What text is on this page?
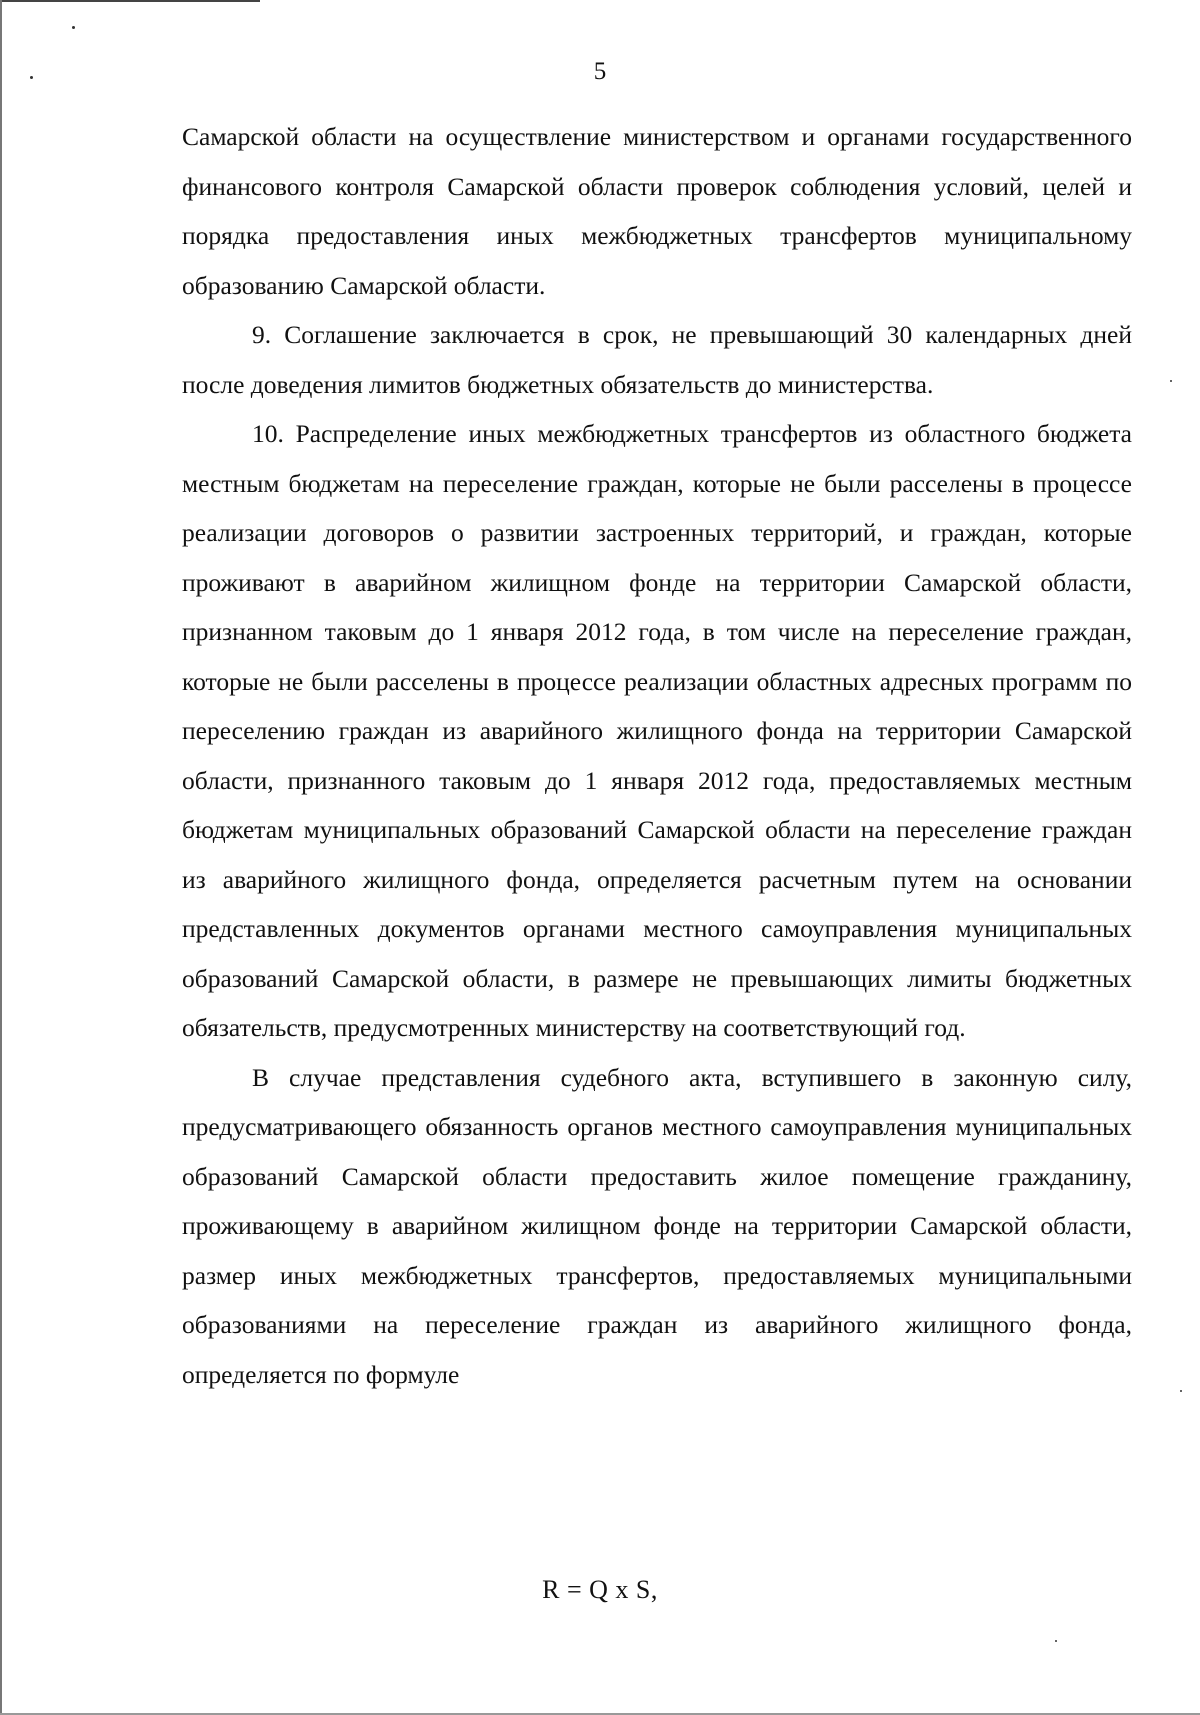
5

Самарской области на осуществление министерством и органами государственного финансового контроля Самарской области проверок соблюдения условий, целей и порядка предоставления иных межбюджетных трансфертов муниципальному образованию Самарской области.

9. Соглашение заключается в срок, не превышающий 30 календарных дней после доведения лимитов бюджетных обязательств до министерства.

10. Распределение иных межбюджетных трансфертов из областного бюджета местным бюджетам на переселение граждан, которые не были расселены в процессе реализации договоров о развитии застроенных территорий, и граждан, которые проживают в аварийном жилищном фонде на территории Самарской области, признанном таковым до 1 января 2012 года, в том числе на переселение граждан, которые не были расселены в процессе реализации областных адресных программ по переселению граждан из аварийного жилищного фонда на территории Самарской области, признанного таковым до 1 января 2012 года, предоставляемых местным бюджетам муниципальных образований Самарской области на переселение граждан из аварийного жилищного фонда, определяется расчетным путем на основании представленных документов органами местного самоуправления муниципальных образований Самарской области, в размере не превышающих лимиты бюджетных обязательств, предусмотренных министерству на соответствующий год.

В случае представления судебного акта, вступившего в законную силу, предусматривающего обязанность органов местного самоуправления муниципальных образований Самарской области предоставить жилое помещение гражданину, проживающему в аварийном жилищном фонде на территории Самарской области, размер иных межбюджетных трансфертов, предоставляемых муниципальными образованиями на переселение граждан из аварийного жилищного фонда, определяется по формуле

R = Q x S,
